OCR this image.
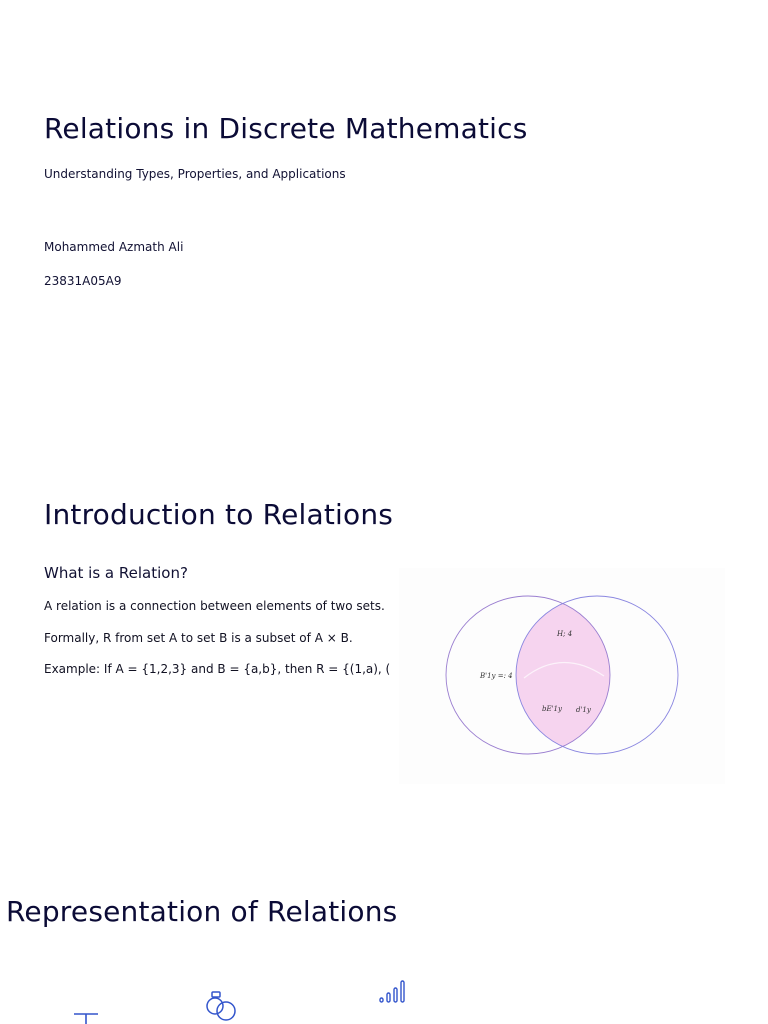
Relations in Discrete Mathematics

Understanding Types, Properties, and Applications

Mohammed Azmath Ali

23831A05A9

Introduction to Relations
What is a Relation?

A relation is a connection between elements of two sets.

Formally, R from set A to set B is a subset of A × B.

Example: If A = {1,2,3} and B = {a,b}, then R = {(1,a), (

H; 4
B'1y =: 4
bE'1y d'1y
Representation of Relations
